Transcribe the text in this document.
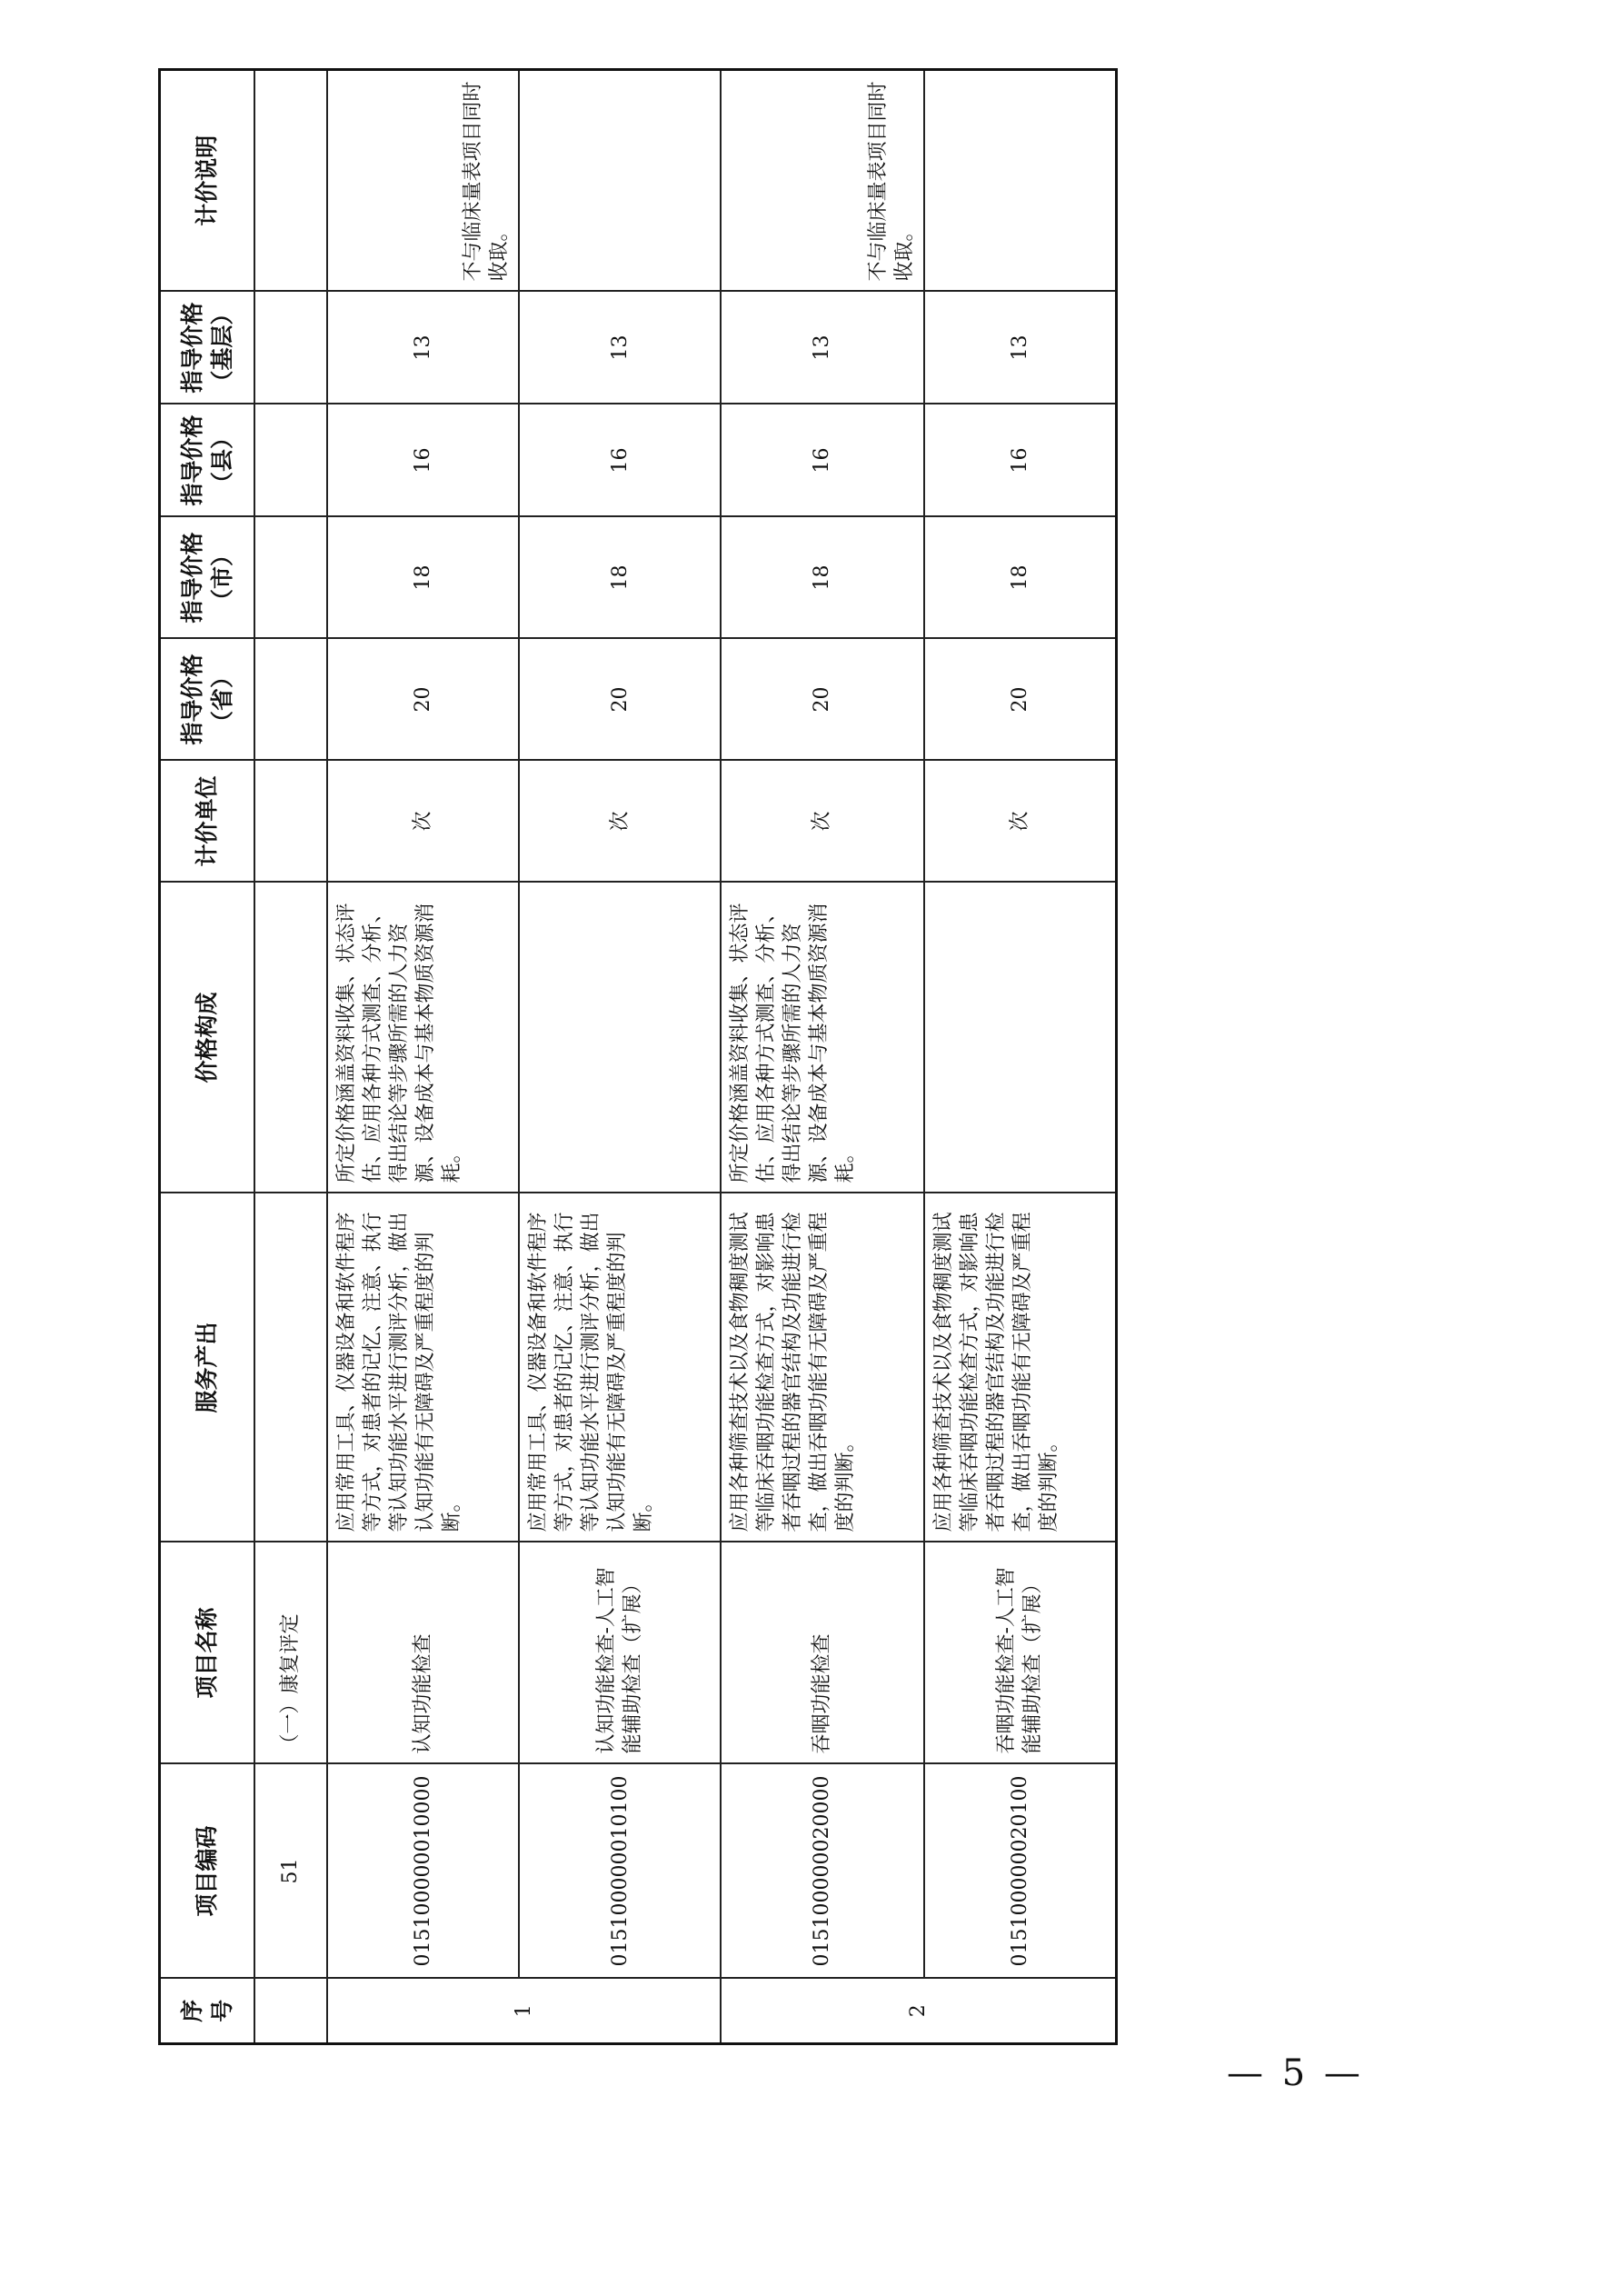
序号	项目编码	项目名称	服务产出	价格构成	计价单位	指导价格（省）	指导价格（市）	指导价格（县）	指导价格（基层）	计价说明
	51	（一）康复评定								
1	015100000010000	认知功能检查	应用常用工具、仪器设备和软件程序等方式，对患者的记忆、注意、执行等认知功能水平进行测评分析，做出认知功能有无障碍及严重程度的判断。	所定价格涵盖资料收集、状态评估、应用各种方式测查、分析、得出结论等步骤所需的人力资源、设备成本与基本物质资源消耗。	次	20	18	16	13	不与临床量表项目同时收取。
	015100000010100	认知功能检查-人工智能辅助检查（扩展）	应用常用工具、仪器设备和软件程序等方式，对患者的记忆、注意、执行等认知功能水平进行测评分析，做出认知功能有无障碍及严重程度的判断。		次	20	18	16	13	
2	015100000020000	吞咽功能检查	应用各种筛查技术以及食物稠度测试等临床吞咽功能检查方式，对影响患者吞咽过程的器官结构及功能进行检查，做出吞咽功能有无障碍及严重程度的判断。	所定价格涵盖资料收集、状态评估、应用各种方式测查、分析、得出结论等步骤所需的人力资源、设备成本与基本物质资源消耗。	次	20	18	16	13	不与临床量表项目同时收取。
	015100000020100	吞咽功能检查-人工智能辅助检查（扩展）	应用各种筛查技术以及食物稠度测试等临床吞咽功能检查方式，对影响患者吞咽过程的器官结构及功能进行检查，做出吞咽功能有无障碍及严重程度的判断。		次	20	18	16	13	
— 5 —
